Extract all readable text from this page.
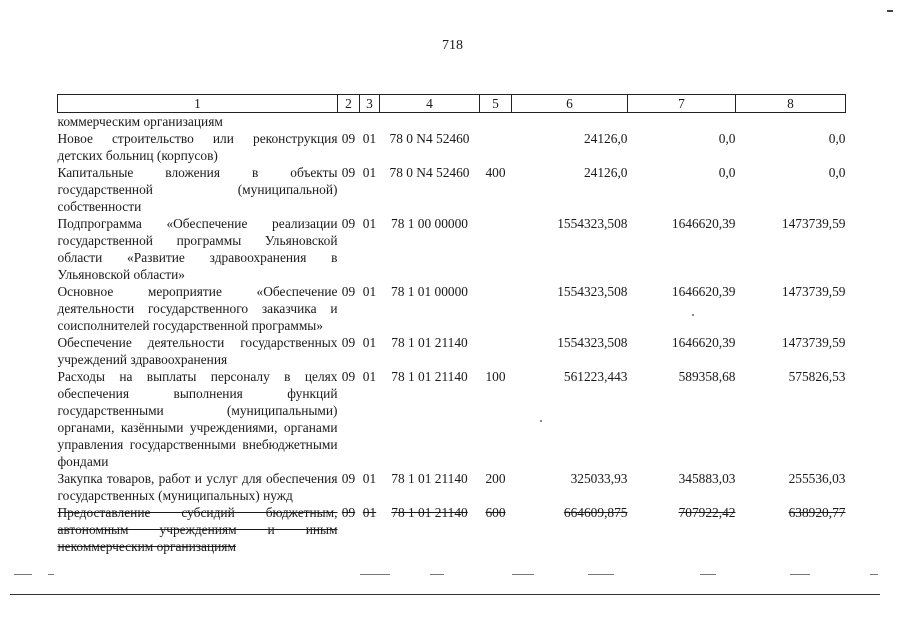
718
1	2	3	4	5	6	7	8
коммерческим организациям							
Новое строительство или реконструкция детских больниц (корпусов)	09	01	78 0 N4 52460		24126,0	0,0	0,0
Капитальные вложения в объекты государственной (муниципальной) собственности	09	01	78 0 N4 52460	400	24126,0	0,0	0,0
Подпрограмма «Обеспечение реализации государственной программы Ульяновской области «Развитие здравоохранения в Ульяновской области»	09	01	78 1 00 00000		1554323,508	1646620,39	1473739,59
Основное мероприятие «Обеспечение деятельности государственного заказчика и соисполнителей государственной программы»	09	01	78 1 01 00000		1554323,508	1646620,39	1473739,59
Обеспечение деятельности государственных учреждений здравоохранения	09	01	78 1 01 21140		1554323,508	1646620,39	1473739,59
Расходы на выплаты персоналу в целях обеспечения выполнения функций государственными (муниципальными) органами, казёнными учреждениями, органами управления государственными внебюджетными фондами	09	01	78 1 01 21140	100	561223,443	589358,68	575826,53
Закупка товаров, работ и услуг для обеспечения государственных (муниципальных) нужд	09	01	78 1 01 21140	200	325033,93	345883,03	255536,03
Предоставление субсидий бюджетным, автономным учреждениям и иным некоммерческим организациям	09	01	78 1 01 21140	600	664609,875	707922,42	638920,77
